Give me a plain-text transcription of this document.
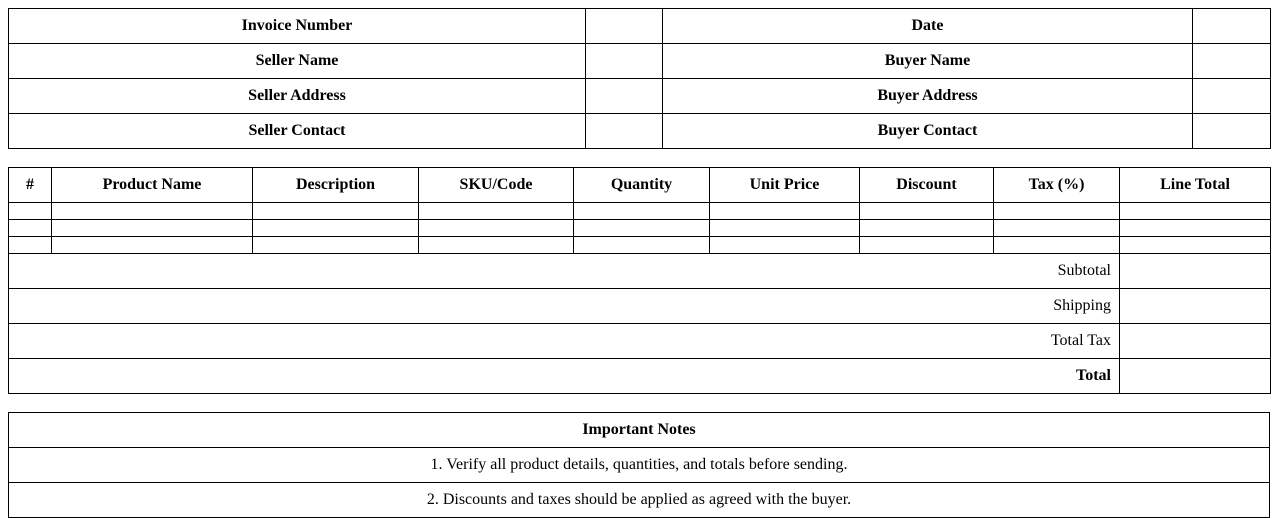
Invoice Number		Date	
Seller Name		Buyer Name	
Seller Address		Buyer Address	
Seller Contact		Buyer Contact	
#	Product Name	Description	SKU/Code	Quantity	Unit Price	Discount	Tax (%)	Line Total

Subtotal								
Shipping								
Total Tax								
Total								
Important Notes
1. Verify all product details, quantities, and totals before sending.
2. Discounts and taxes should be applied as agreed with the buyer.
